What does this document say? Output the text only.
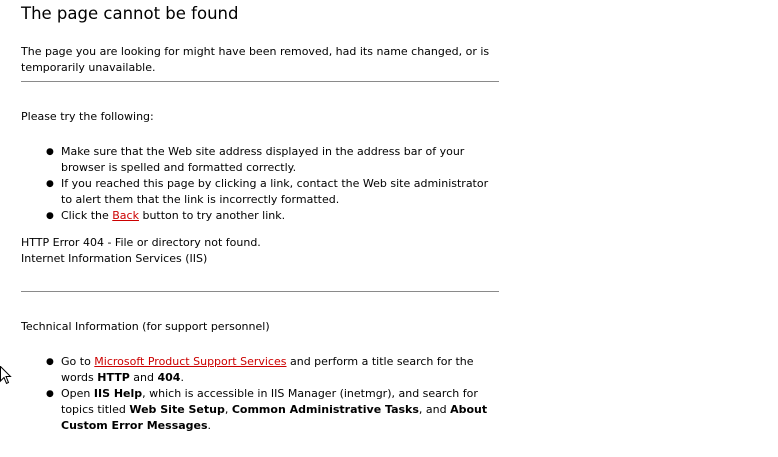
The page cannot be found

The page you are looking for might have been removed, had its name changed, or is temporarily unavailable.

Please try the following:

● Make sure that the Web site address displayed in the address bar of your browser is spelled and formatted correctly.
● If you reached this page by clicking a link, contact the Web site administrator to alert them that the link is incorrectly formatted.
● Click the Back button to try another link.

HTTP Error 404 - File or directory not found.

Internet Information Services (IIS)

Technical Information (for support personnel)

● Go to Microsoft Product Support Services and perform a title search for the words HTTP and 404.
● Open IIS Help, which is accessible in IIS Manager (inetmgr), and search for topics titled Web Site Setup, Common Administrative Tasks, and About Custom Error Messages.
